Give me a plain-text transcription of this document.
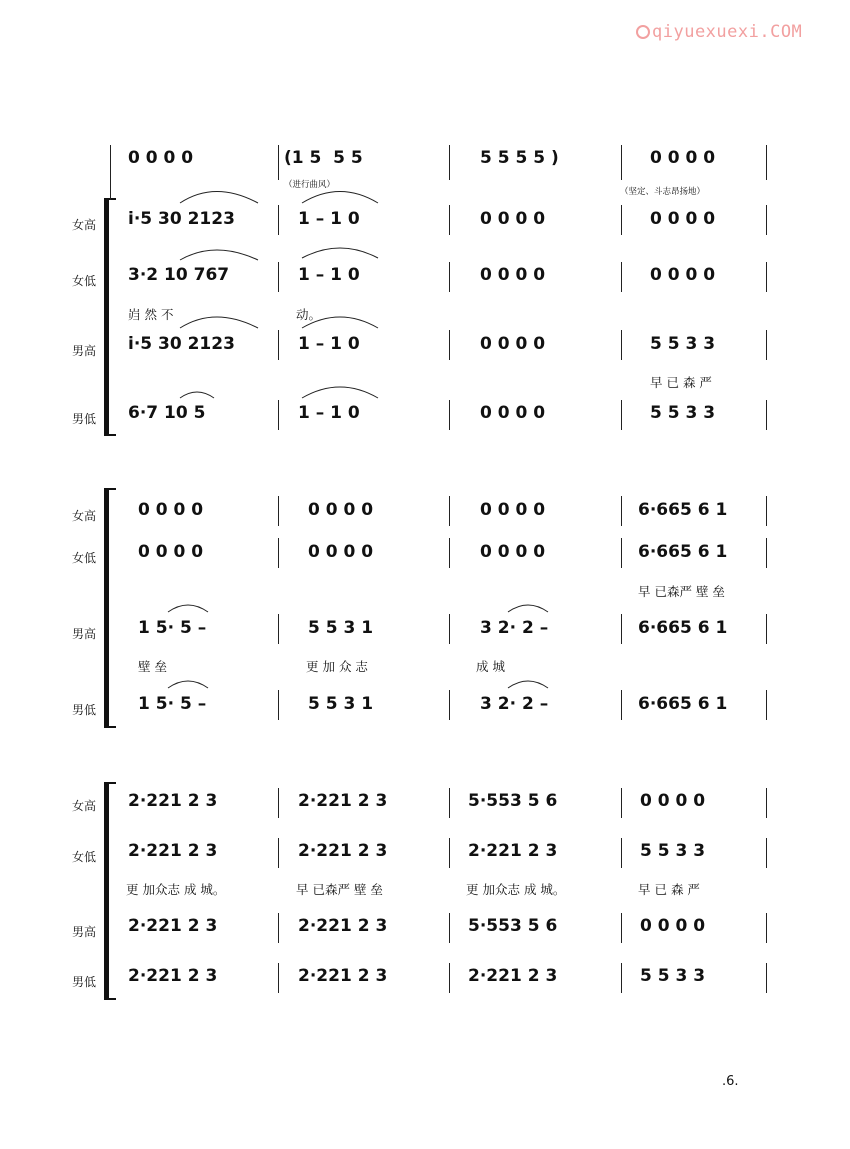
qiyuexuexi.COM
0 0 0 0	(1 5  5 5	5 5 5 5 )	0 0 0 0
（进行曲风）
（坚定、斗志昂扬地）
女高 i·5 30 2123	1 – 1 0	0 0 0 0	0 0 0 0
女低 3·2 10 767	1 – 1 0	0 0 0 0	0 0 0 0
岿 然 不	动。
男高 i·5 30 2123	1 – 1 0	0 0 0 0	5 5 3 3
早 已 森 严
男低 6·7 10 5	1 – 1 0	0 0 0 0	5 5 3 3
女高 0 0 0 0	0 0 0 0	0 0 0 0	6·665 6 1
女低 0 0 0 0	0 0 0 0	0 0 0 0	6·665 6 1
早 已森严 壁 垒
男高 1 5· 5 –	5 5 3 1	3 2· 2 –	6·665 6 1
壁 垒	更 加 众 志	成 城
男低 1 5· 5 –	5 5 3 1	3 2· 2 –	6·665 6 1
女高 2·221 2 3	2·221 2 3	5·553 5 6	0 0 0 0
女低 2·221 2 3	2·221 2 3	2·221 2 3	5 5 3 3
更 加众志 成 城。	早 已森严 壁 垒	更 加众志 成 城。	早 已 森 严
男高 2·221 2 3	2·221 2 3	5·553 5 6	0 0 0 0
男低 2·221 2 3	2·221 2 3	2·221 2 3	5 5 3 3
.6.
